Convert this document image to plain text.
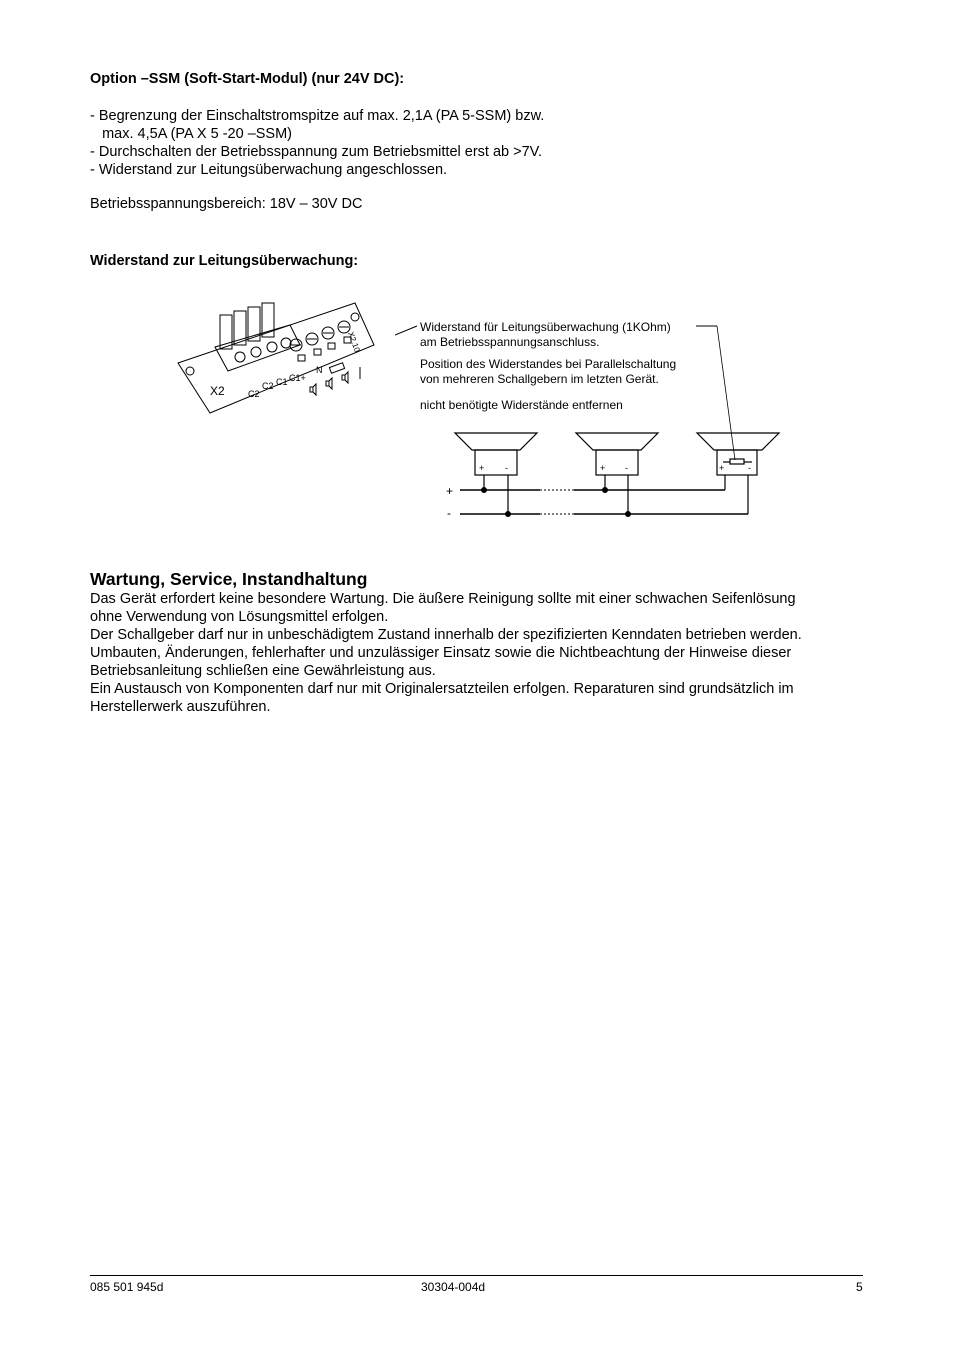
Option –SSM (Soft-Start-Modul) (nur 24V DC):
- Begrenzung der Einschaltstromspitze auf max. 2,1A (PA 5-SSM) bzw.
max. 4,5A (PA X 5 -20 –SSM)
- Durchschalten der Betriebsspannung zum Betriebsmittel erst ab >7V.
- Widerstand zur Leitungsüberwachung angeschlossen.
Betriebsspannungsbereich: 18V – 30V DC
Widerstand zur Leitungsüberwachung:
X2	C2
C2 C1 C1+
N
X2.10
Widerstand für Leitungsüberwachung (1KOhm)
am Betriebsspannungsanschluss.
Position des Widerstandes bei Parallelschaltung
von mehreren Schallgebern im letzten Gerät.
nicht benötigte Widerstände entfernen
+ -	+ -	+	-
+
-
Wartung, Service, Instandhaltung
Das Gerät erfordert keine besondere Wartung. Die äußere Reinigung sollte mit einer schwachen Seifenlösung
ohne Verwendung von Lösungsmittel erfolgen.
Der Schallgeber darf nur in unbeschädigtem Zustand innerhalb der spezifizierten Kenndaten betrieben werden.
Umbauten, Änderungen, fehlerhafter und unzulässiger Einsatz sowie die Nichtbeachtung der Hinweise dieser
Betriebsanleitung schließen eine Gewährleistung aus.
Ein Austausch von Komponenten darf nur mit Originalersatzteilen erfolgen. Reparaturen sind grundsätzlich im
Herstellerwerk auszuführen.
085 501 945d	30304-004d	5
